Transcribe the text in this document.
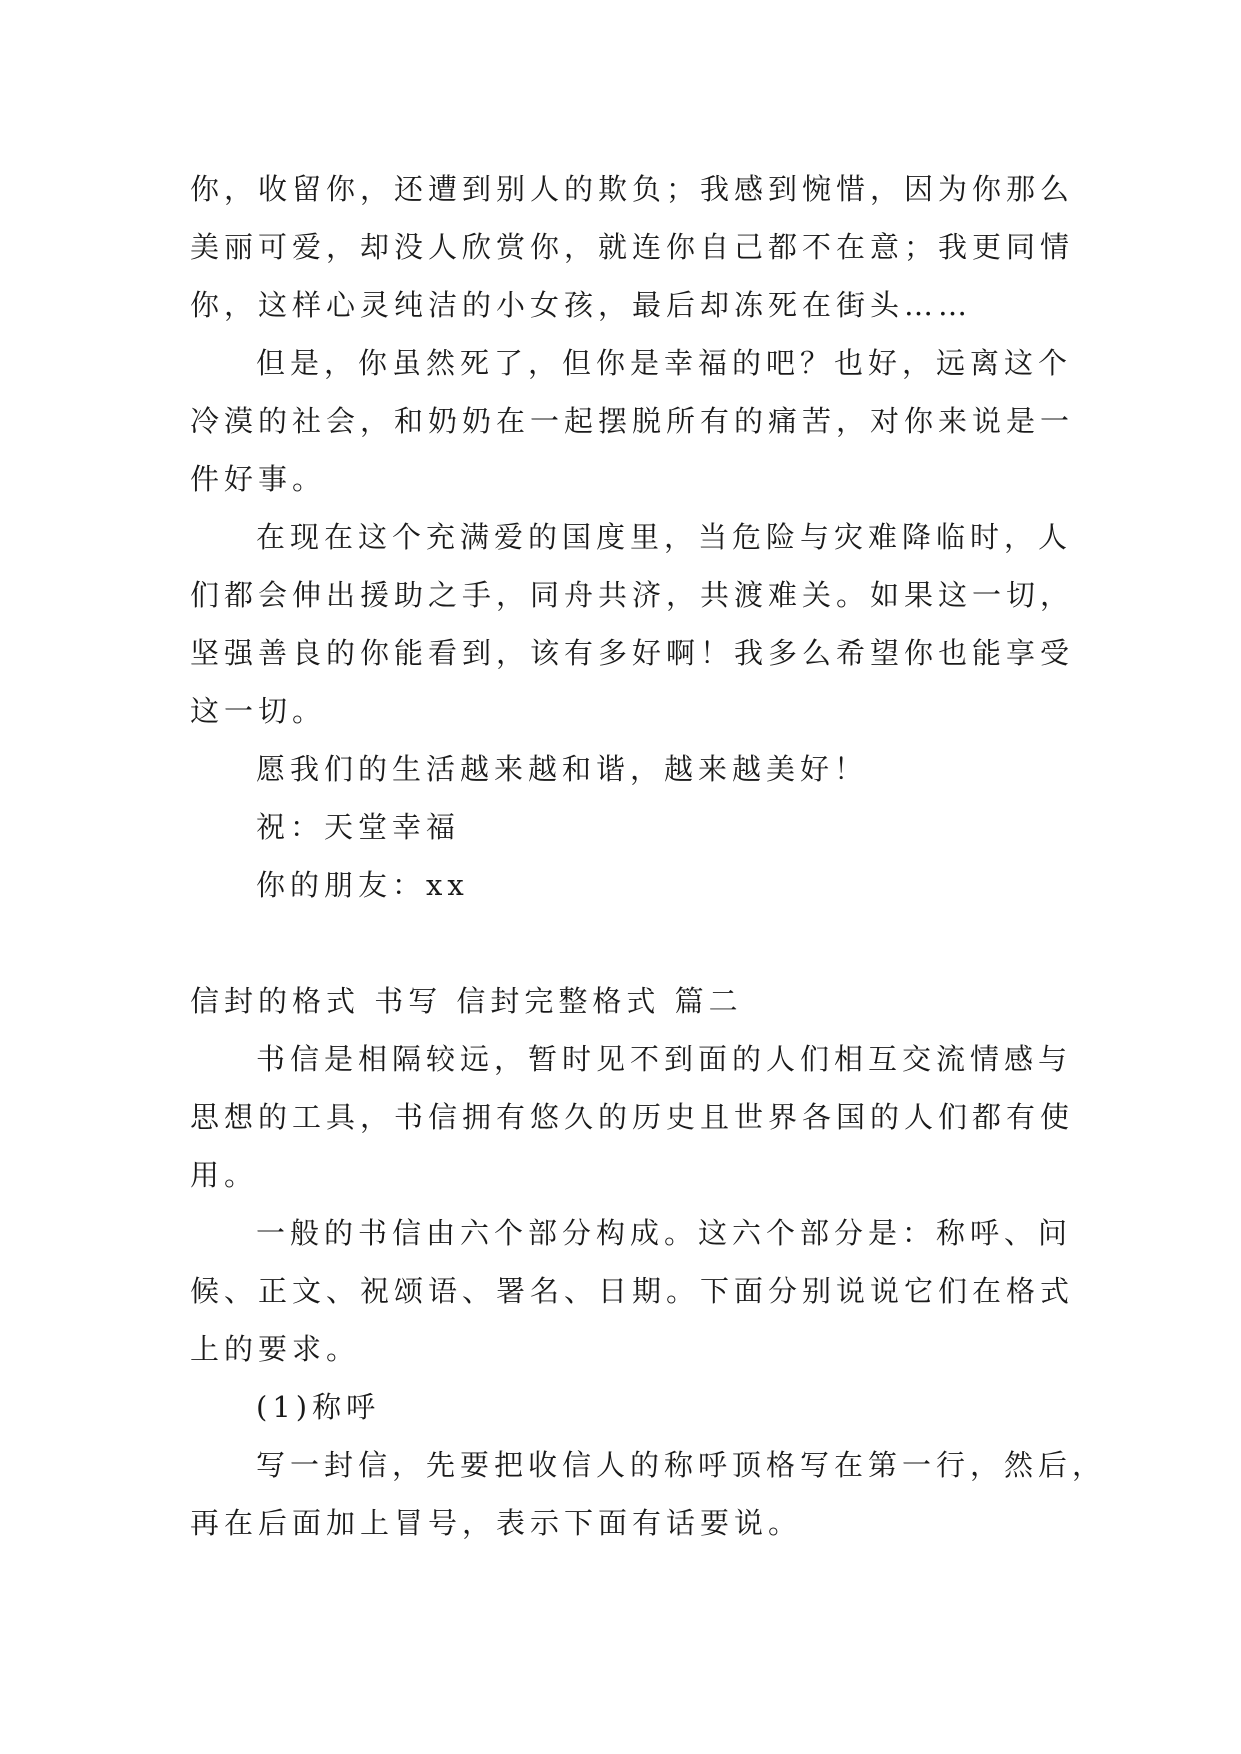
你，收留你，还遭到别人的欺负；我感到惋惜，因为你那么
美丽可爱，却没人欣赏你，就连你自己都不在意；我更同情
你，这样心灵纯洁的小女孩，最后却冻死在街头……

但是，你虽然死了，但你是幸福的吧？也好，远离这个
冷漠的社会，和奶奶在一起摆脱所有的痛苦，对你来说是一
件好事。

在现在这个充满爱的国度里，当危险与灾难降临时，人
们都会伸出援助之手，同舟共济，共渡难关。如果这一切，
坚强善良的你能看到，该有多好啊！我多么希望你也能享受
这一切。

愿我们的生活越来越和谐，越来越美好！

祝：天堂幸福

你的朋友：xx

信封的格式 书写 信封完整格式 篇二

书信是相隔较远，暂时见不到面的人们相互交流情感与
思想的工具，书信拥有悠久的历史且世界各国的人们都有使
用。

一般的书信由六个部分构成。这六个部分是：称呼、问
候、正文、祝颂语、署名、日期。下面分别说说它们在格式
上的要求。

(1)称呼

写一封信，先要把收信人的称呼顶格写在第一行，然后，
再在后面加上冒号，表示下面有话要说。
